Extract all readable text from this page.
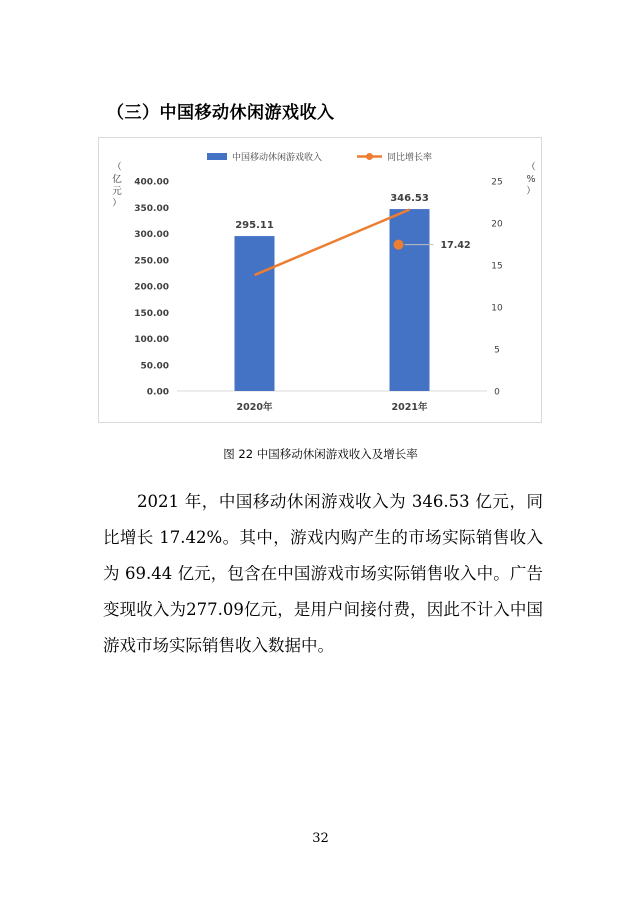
（三）中国移动休闲游戏收入
中国移动休闲游戏收入	同比增长率
（
亿
元
）
（
%
）
0.00
50.00
100.00
150.00
200.00
250.00
300.00
350.00
400.00
0
5
10
15
20
25
295.11
346.53
2020年	2021年
17.42
图 22 中国移动休闲游戏收入及增长率
2021 年，中国移动休闲游戏收入为 346.53 亿元，同比增长 17.42%。其中，游戏内购产生的市场实际销售收入为 69.44 亿元，包含在中国游戏市场实际销售收入中。广告变现收入为277.09亿元，是用户间接付费，因此不计入中国游戏市场实际销售收入数据中。
32
